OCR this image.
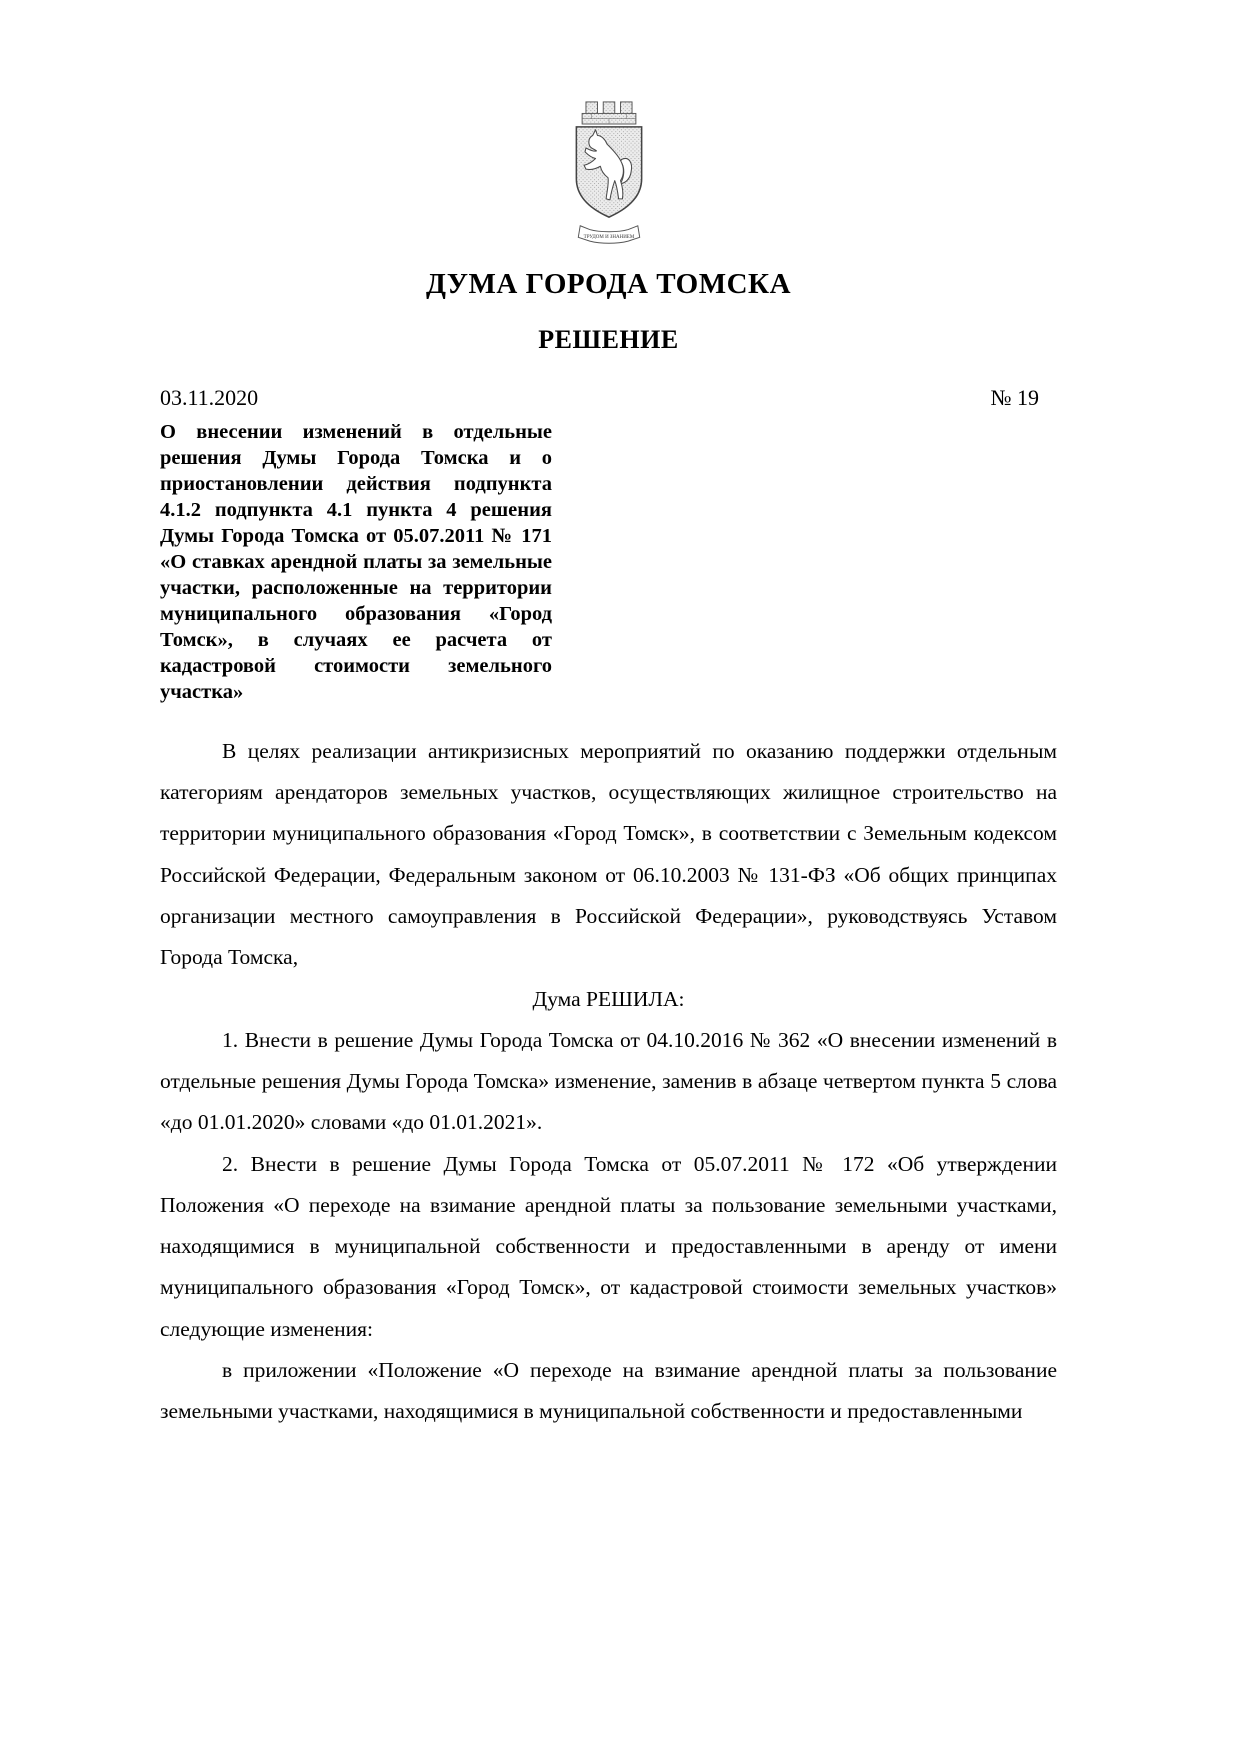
ТРУДОМ И ЗНАНИЕМ
ДУМА ГОРОДА ТОМСКА
РЕШЕНИЕ
03.11.2020	№ 19
О внесении изменений в отдельные решения Думы Города Томска и о приостановлении действия подпункта 4.1.2 подпункта 4.1 пункта 4 решения Думы Города Томска от 05.07.2011 № 171 «О ставках арендной платы за земельные участки, расположенные на территории муниципального образования «Город Томск», в случаях ее расчета от кадастровой стоимости земельного участка»

В целях реализации антикризисных мероприятий по оказанию поддержки отдельным категориям арендаторов земельных участков, осуществляющих жилищное строительство на территории муниципального образования «Город Томск», в соответствии с Земельным кодексом Российской Федерации, Федеральным законом от 06.10.2003 № 131-ФЗ «Об общих принципах организации местного самоуправления в Российской Федерации», руководствуясь Уставом Города Томска,

Дума РЕШИЛА:

1. Внести в решение Думы Города Томска от 04.10.2016 № 362 «О внесении изменений в отдельные решения Думы Города Томска» изменение, заменив в абзаце четвертом пункта 5 слова «до 01.01.2020» словами «до 01.01.2021».

2. Внести в решение Думы Города Томска от 05.07.2011 № 172 «Об утверждении Положения «О переходе на взимание арендной платы за пользование земельными участками, находящимися в муниципальной собственности и предоставленными в аренду от имени муниципального образования «Город Томск», от кадастровой стоимости земельных участков» следующие изменения:

в приложении «Положение «О переходе на взимание арендной платы за пользование земельными участками, находящимися в муниципальной собственности и предоставленными
